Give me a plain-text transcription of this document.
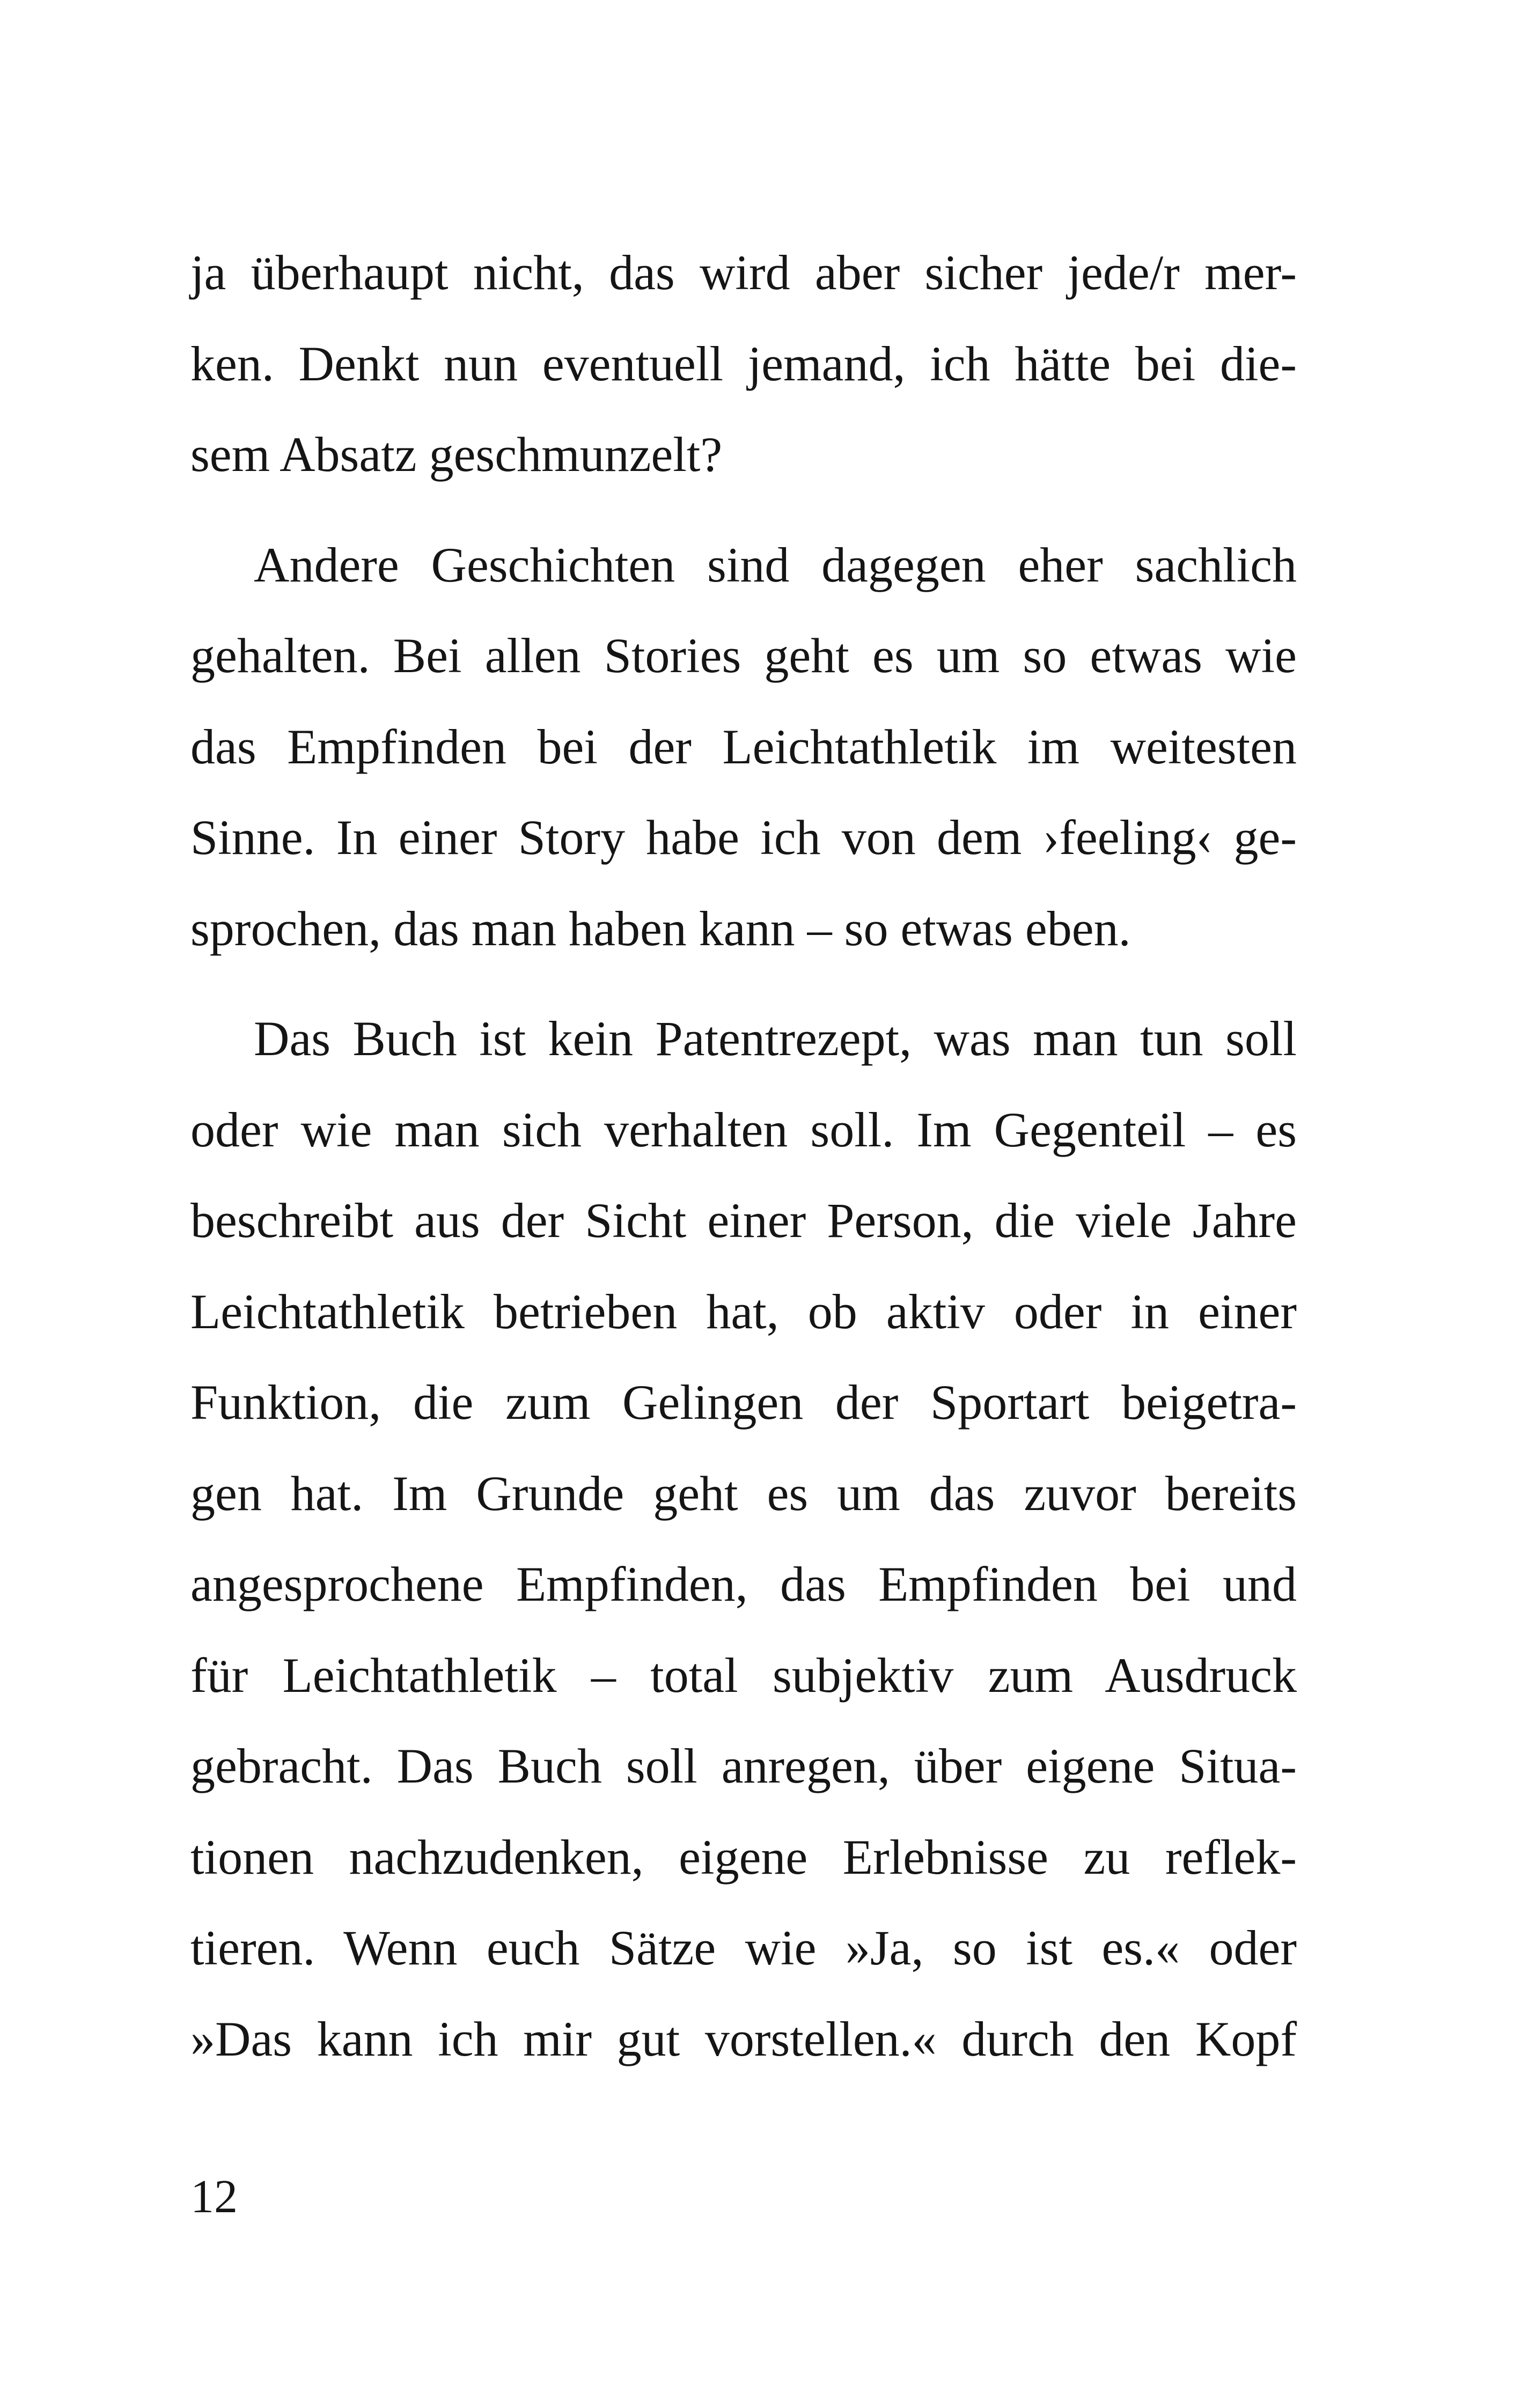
ja überhaupt nicht, das wird aber sicher jede/r mer-
ken. Denkt nun eventuell jemand, ich hätte bei die-
sem Absatz geschmunzelt?
Andere Geschichten sind dagegen eher sachlich
gehalten. Bei allen Stories geht es um so etwas wie
das Empfinden bei der Leichtathletik im weitesten
Sinne. In einer Story habe ich von dem ›feeling‹ ge-
sprochen, das man haben kann – so etwas eben.
Das Buch ist kein Patentrezept, was man tun soll
oder wie man sich verhalten soll. Im Gegenteil – es
beschreibt aus der Sicht einer Person, die viele Jahre
Leichtathletik betrieben hat, ob aktiv oder in einer
Funktion, die zum Gelingen der Sportart beigetra-
gen hat. Im Grunde geht es um das zuvor bereits
angesprochene Empfinden, das Empfinden bei und
für Leichtathletik – total subjektiv zum Ausdruck
gebracht. Das Buch soll anregen, über eigene Situa-
tionen nachzudenken, eigene Erlebnisse zu reflek-
tieren. Wenn euch Sätze wie »Ja, so ist es.« oder
»Das kann ich mir gut vorstellen.« durch den Kopf
12
